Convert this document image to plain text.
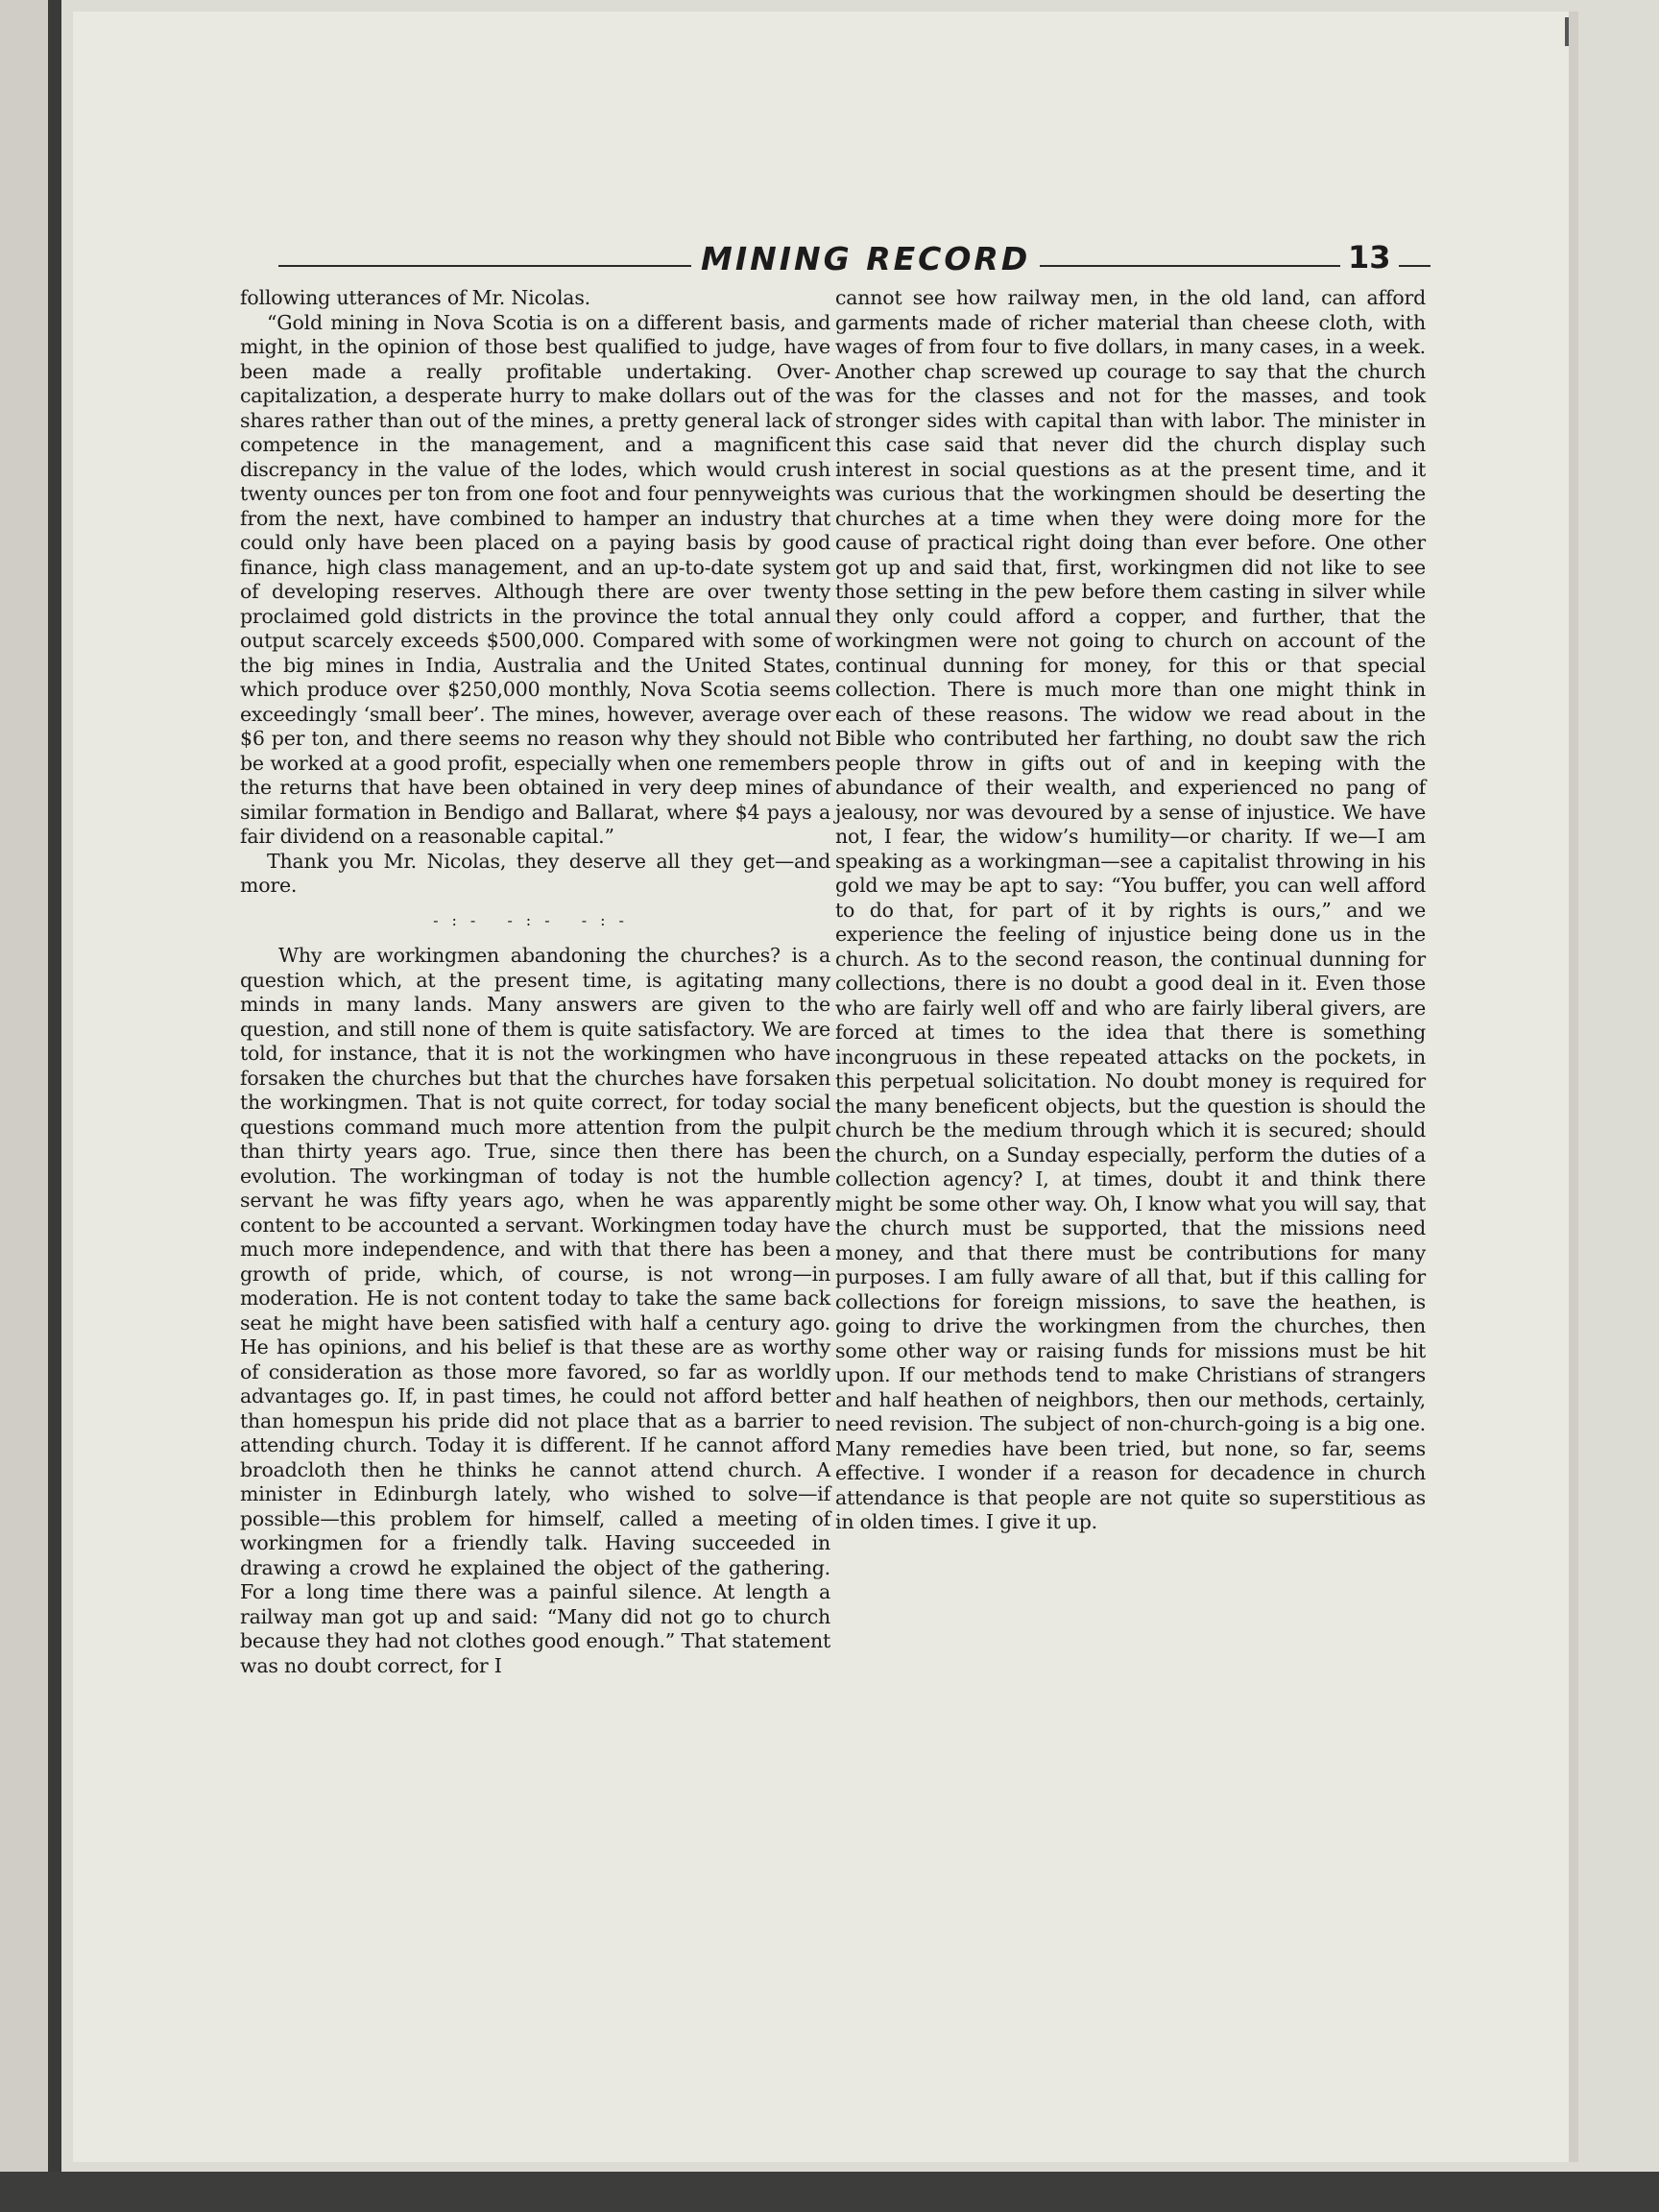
MINING RECORD	13

following utterances of Mr. Nicolas.

“Gold mining in Nova Scotia is on a different basis, and might, in the opinion of those best qualified to judge, have been made a really profitable undertaking. Over-capitalization, a desperate hurry to make dollars out of the shares rather than out of the mines, a pretty general lack of competence in the management, and a magnificent discrepancy in the value of the lodes, which would crush twenty ounces per ton from one foot and four pennyweights from the next, have combined to hamper an industry that could only have been placed on a paying basis by good finance, high class management, and an up-to-date system of developing reserves. Although there are over twenty proclaimed gold districts in the province the total annual output scarcely exceeds $500,000. Compared with some of the big mines in India, Australia and the United States, which produce over $250,000 monthly, Nova Scotia seems exceedingly ‘small beer’. The mines, however, average over $6 per ton, and there seems no reason why they should not be worked at a good profit, especially when one remembers the returns that have been obtained in very deep mines of similar formation in Bendigo and Ballarat, where $4 pays a fair dividend on a reasonable capital.”

Thank you Mr. Nicolas, they deserve all they get—and more.

-:- -:- -:-

Why are workingmen abandoning the churches? is a question which, at the present time, is agitating many minds in many lands. Many answers are given to the question, and still none of them is quite satisfactory. We are told, for instance, that it is not the workingmen who have forsaken the churches but that the churches have forsaken the workingmen. That is not quite correct, for today social questions command much more attention from the pulpit than thirty years ago. True, since then there has been evolution. The workingman of today is not the humble servant he was fifty years ago, when he was apparently content to be accounted a servant. Workingmen today have much more independence, and with that there has been a growth of pride, which, of course, is not wrong—in moderation. He is not content today to take the same back seat he might have been satisfied with half a century ago. He has opinions, and his belief is that these are as worthy of consideration as those more favored, so far as worldly advantages go. If, in past times, he could not afford better than homespun his pride did not place that as a barrier to attending church. Today it is different. If he cannot afford broadcloth then he thinks he cannot attend church. A minister in Edinburgh lately, who wished to solve—if possible—this problem for himself, called a meeting of workingmen for a friendly talk. Having succeeded in drawing a crowd he explained the object of the gathering. For a long time there was a painful silence. At length a railway man got up and said: “Many did not go to church because they had not clothes good enough.” That statement was no doubt correct, for I

cannot see how railway men, in the old land, can afford garments made of richer material than cheese cloth, with wages of from four to five dollars, in many cases, in a week. Another chap screwed up courage to say that the church was for the classes and not for the masses, and took stronger sides with capital than with labor. The minister in this case said that never did the church display such interest in social questions as at the present time, and it was curious that the workingmen should be deserting the churches at a time when they were doing more for the cause of practical right doing than ever before. One other got up and said that, first, workingmen did not like to see those setting in the pew before them casting in silver while they only could afford a copper, and further, that the workingmen were not going to church on account of the continual dunning for money, for this or that special collection. There is much more than one might think in each of these reasons. The widow we read about in the Bible who contributed her farthing, no doubt saw the rich people throw in gifts out of and in keeping with the abundance of their wealth, and experienced no pang of jealousy, nor was devoured by a sense of injustice. We have not, I fear, the widow’s humility—or charity. If we—I am speaking as a workingman—see a capitalist throwing in his gold we may be apt to say: “You buffer, you can well afford to do that, for part of it by rights is ours,” and we experience the feeling of injustice being done us in the church. As to the second reason, the continual dunning for collections, there is no doubt a good deal in it. Even those who are fairly well off and who are fairly liberal givers, are forced at times to the idea that there is something incongruous in these repeated attacks on the pockets, in this perpetual solicitation. No doubt money is required for the many beneficent objects, but the question is should the church be the medium through which it is secured; should the church, on a Sunday especially, perform the duties of a collection agency? I, at times, doubt it and think there might be some other way. Oh, I know what you will say, that the church must be supported, that the missions need money, and that there must be contributions for many purposes. I am fully aware of all that, but if this calling for collections for foreign missions, to save the heathen, is going to drive the workingmen from the churches, then some other way or raising funds for missions must be hit upon. If our methods tend to make Christians of strangers and half heathen of neighbors, then our methods, certainly, need revision. The subject of non-church-going is a big one. Many remedies have been tried, but none, so far, seems effective. I wonder if a reason for decadence in church attendance is that people are not quite so superstitious as in olden times. I give it up.
